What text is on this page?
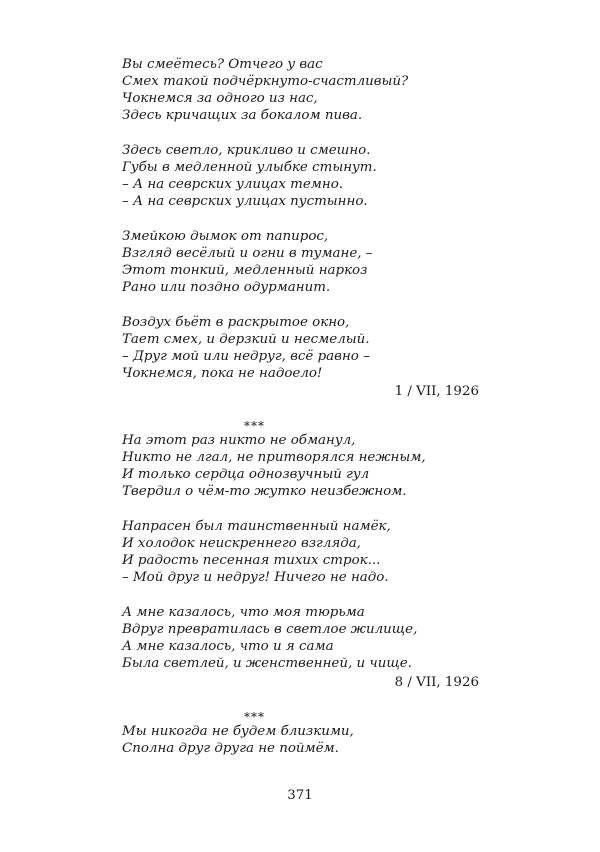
Вы смеётесь? Отчего у вас
Смех такой подчёркнуто-счастливый?
Чокнемся за одного из нас,
Здесь кричащих за бокалом пива.
Здесь светло, крикливо и смешно.
Губы в медленной улыбке стынут.
– А на севрских улицах темно.
– А на севрских улицах пустынно.
Змейкою дымок от папирос,
Взгляд весёлый и огни в тумане, –
Этот тонкий, медленный наркоз
Рано или поздно одурманит.
Воздух бьёт в раскрытое окно,
Тает смех, и дерзкий и несмелый.
– Друг мой или недруг, всё равно –
Чокнемся, пока не надоело!
1 / VII, 1926
***
На этот раз никто не обманул,
Никто не лгал, не притворялся нежным,
И только сердца однозвучный гул
Твердил о чём-то жутко неизбежном.
Напрасен был таинственный намёк,
И холодок неискреннего взгляда,
И радость песенная тихих строк...
– Мой друг и недруг! Ничего не надо.
А мне казалось, что моя тюрьма
Вдруг превратилась в светлое жилище,
А мне казалось, что и я сама
Была светлей, и женственней, и чище.
8 / VII, 1926
***
Мы никогда не будем близкими,
Сполна друг друга не поймём.
371
